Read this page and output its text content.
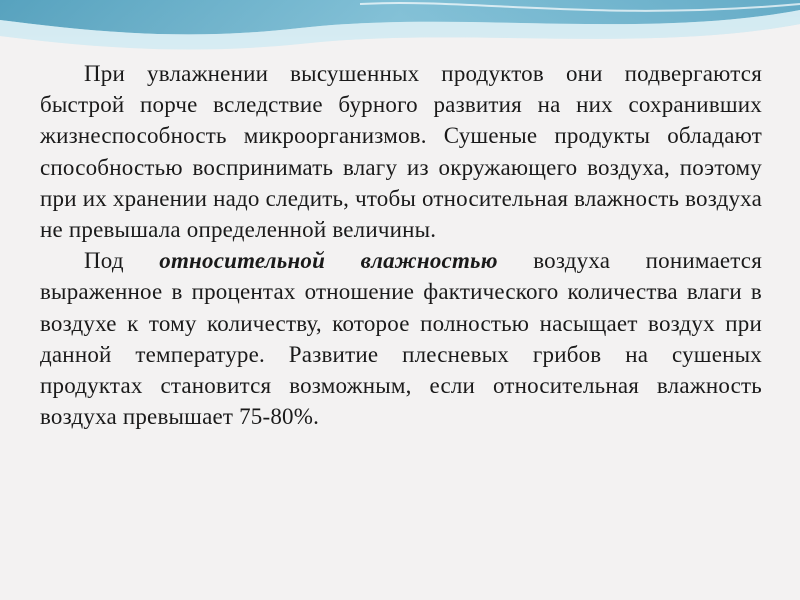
При увлажнении высушенных продуктов они подвергаются быстрой порче вследствие бурного развития на них сохранивших жизнеспособность микроорганизмов. Сушеные продукты обладают способностью воспринимать влагу из окружающего воздуха, поэтому при их хранении надо следить, чтобы относительная влажность воздуха не превышала определенной величины.

Под относительной влажностью воздуха понимается выраженное в процентах отношение фактического количества влаги в воздухе к тому количеству, которое полностью насыщает воздух при данной температуре. Развитие плесневых грибов на сушеных продуктах становится возможным, если относительная влажность воздуха превышает 75-80%.
